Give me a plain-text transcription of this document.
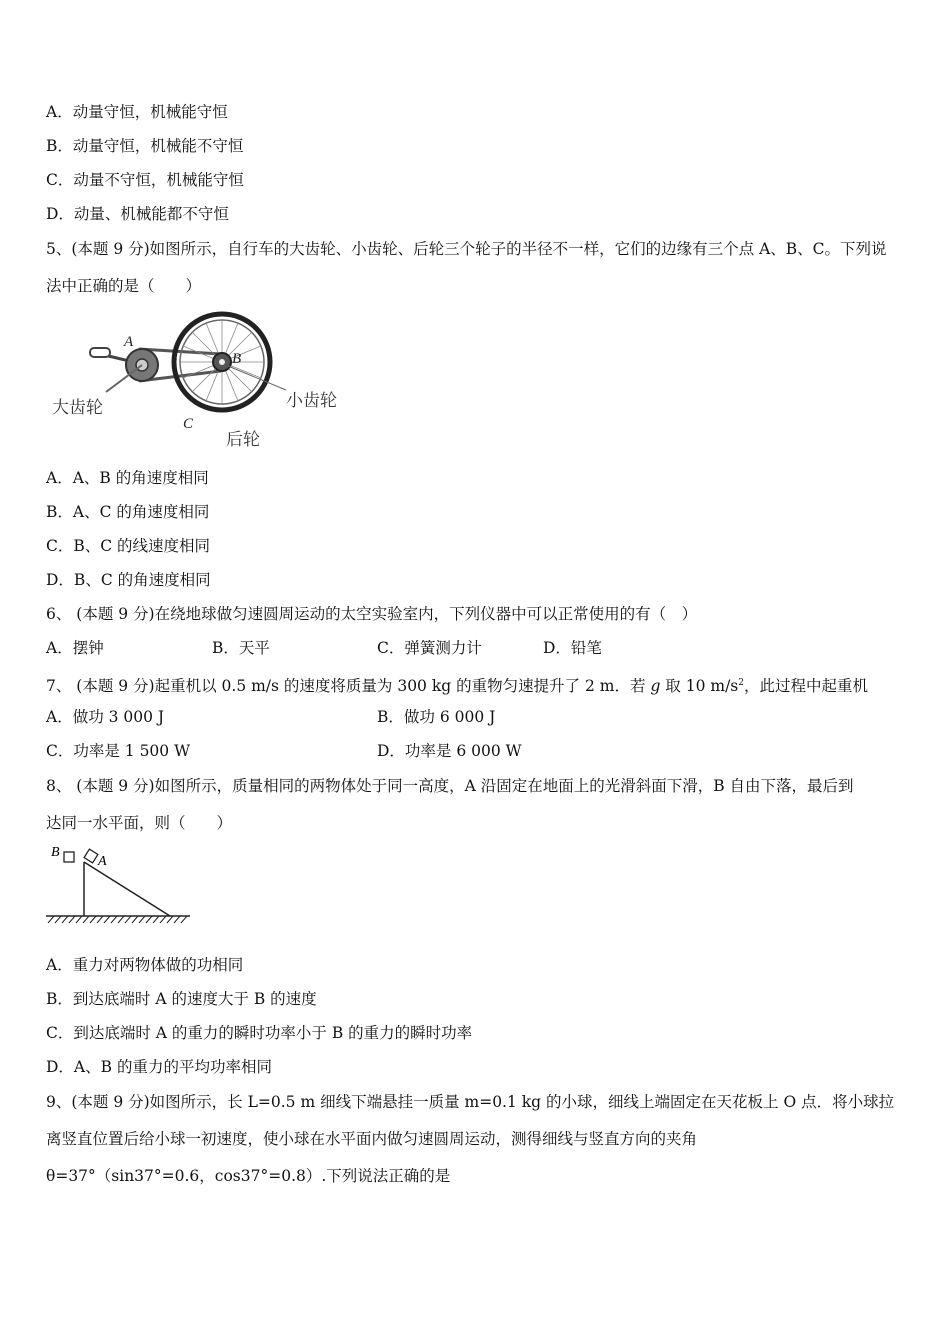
A．动量守恒，机械能守恒
B．动量守恒，机械能不守恒
C．动量不守恒，机械能守恒
D．动量、机械能都不守恒
5、(本题 9 分)如图所示，自行车的大齿轮、小齿轮、后轮三个轮子的半径不一样，它们的边缘有三个点 A、B、C。下列说
法中正确的是（　　）
A
B
C
大齿轮	小齿轮
后轮
A．A、B 的角速度相同
B．A、C 的角速度相同
C．B、C 的线速度相同
D．B、C 的角速度相同
6、 (本题 9 分)在绕地球做匀速圆周运动的太空实验室内，下列仪器中可以正常使用的有（　）
A．摆钟	B．天平	C．弹簧测力计	D．铅笔
7、 (本题 9 分)起重机以 0.5 m/s 的速度将质量为 300 kg 的重物匀速提升了 2 m．若 g 取 10 $m/s^2$，此过程中起重机
A．做功 3 000 J	B．做功 6 000 J
C．功率是 1 500 W	D．功率是 6 000 W
8、 (本题 9 分)如图所示，质量相同的两物体处于同一高度，A 沿固定在地面上的光滑斜面下滑，B 自由下落，最后到
达同一水平面，则（　　）
B
A
A．重力对两物体做的功相同
B．到达底端时 A 的速度大于 B 的速度
C．到达底端时 A 的重力的瞬时功率小于 B 的重力的瞬时功率
D．A、B 的重力的平均功率相同
9、(本题 9 分)如图所示，长 L=0.5 m 细线下端悬挂一质量 m=0.1 kg 的小球，细线上端固定在天花板上 O 点．将小球拉
离竖直位置后给小球一初速度，使小球在水平面内做匀速圆周运动，测得细线与竖直方向的夹角
θ=37°（sin37°=0.6，cos37°=0.8）.下列说法正确的是
